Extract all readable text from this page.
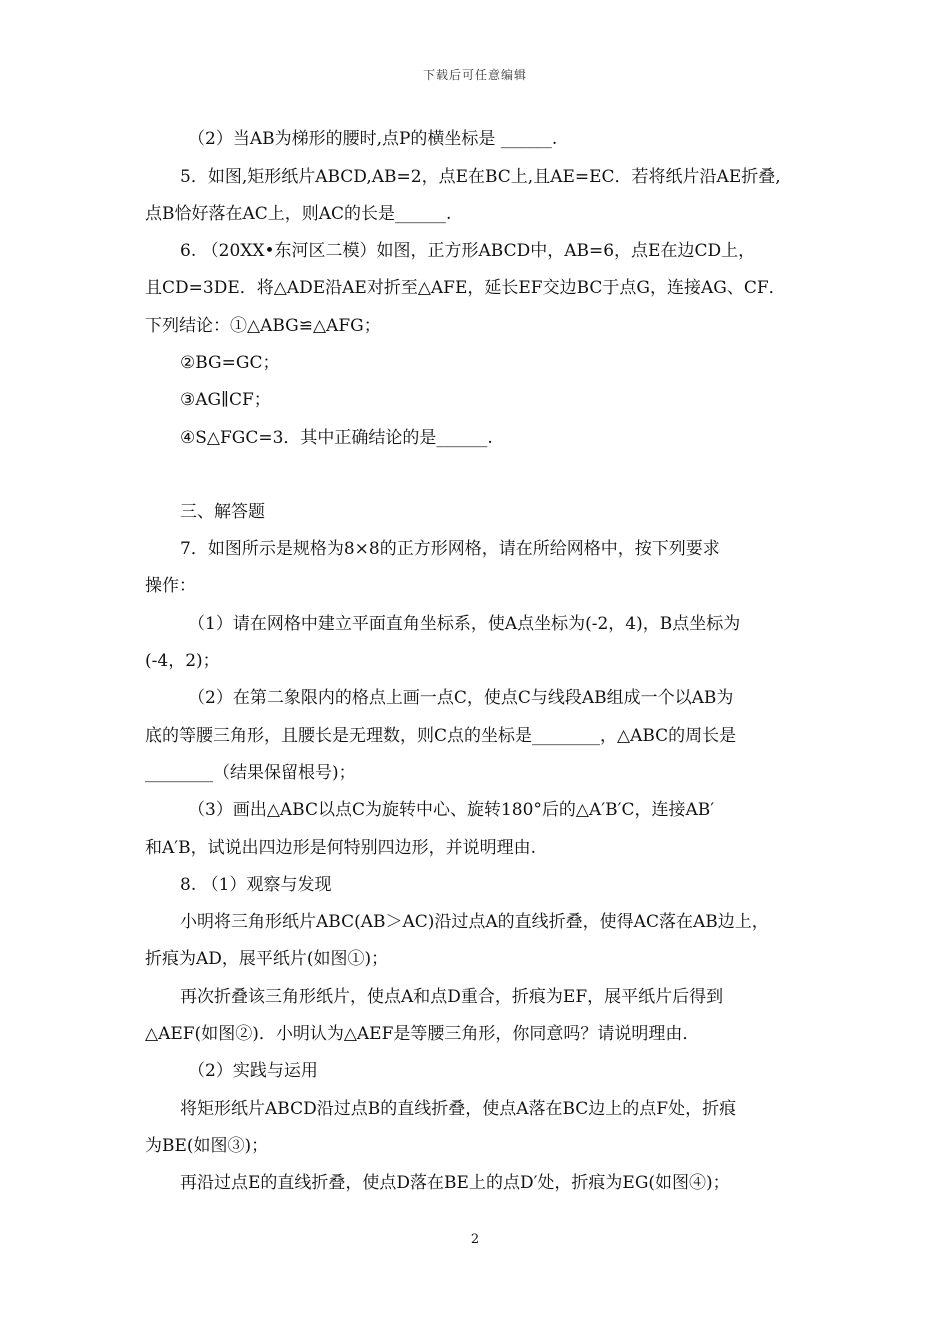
下载后可任意编辑
（2）当AB为梯形的腰时,点P的横坐标是 ______.
5．如图,矩形纸片ABCD,AB=2，点E在BC上,且AE=EC．若将纸片沿AE折叠,
点B恰好落在AC上，则AC的长是______.
6. （20XX•东河区二模）如图，正方形ABCD中，AB=6，点E在边CD上，
且CD=3DE．将△ADE沿AE对折至△AFE，延长EF交边BC于点G，连接AG、CF．
下列结论：①△ABG≌△AFG；
②BG=GC；
③AG∥CF；
④S△FGC=3．其中正确结论的是______.
三、解答题
7．如图所示是规格为8×8的正方形网格，请在所给网格中，按下列要求
操作：
（1）请在网格中建立平面直角坐标系，使A点坐标为(-2，4)，B点坐标为
(-4，2)；
（2）在第二象限内的格点上画一点C，使点C与线段AB组成一个以AB为
底的等腰三角形，且腰长是无理数，则C点的坐标是________，△ABC的周长是
________（结果保留根号)；
（3）画出△ABC以点C为旋转中心、旋转180°后的△A′B′C，连接AB′
和A′B，试说出四边形是何特别四边形，并说明理由.
8. （1）观察与发现
小明将三角形纸片ABC(AB＞AC)沿过点A的直线折叠，使得AC落在AB边上，
折痕为AD，展平纸片(如图①)；
再次折叠该三角形纸片，使点A和点D重合，折痕为EF，展平纸片后得到
△AEF(如图②)．小明认为△AEF是等腰三角形，你同意吗？请说明理由．
（2）实践与运用
将矩形纸片ABCD沿过点B的直线折叠，使点A落在BC边上的点F处，折痕
为BE(如图③)；
再沿过点E的直线折叠，使点D落在BE上的点D′处，折痕为EG(如图④)；
2
